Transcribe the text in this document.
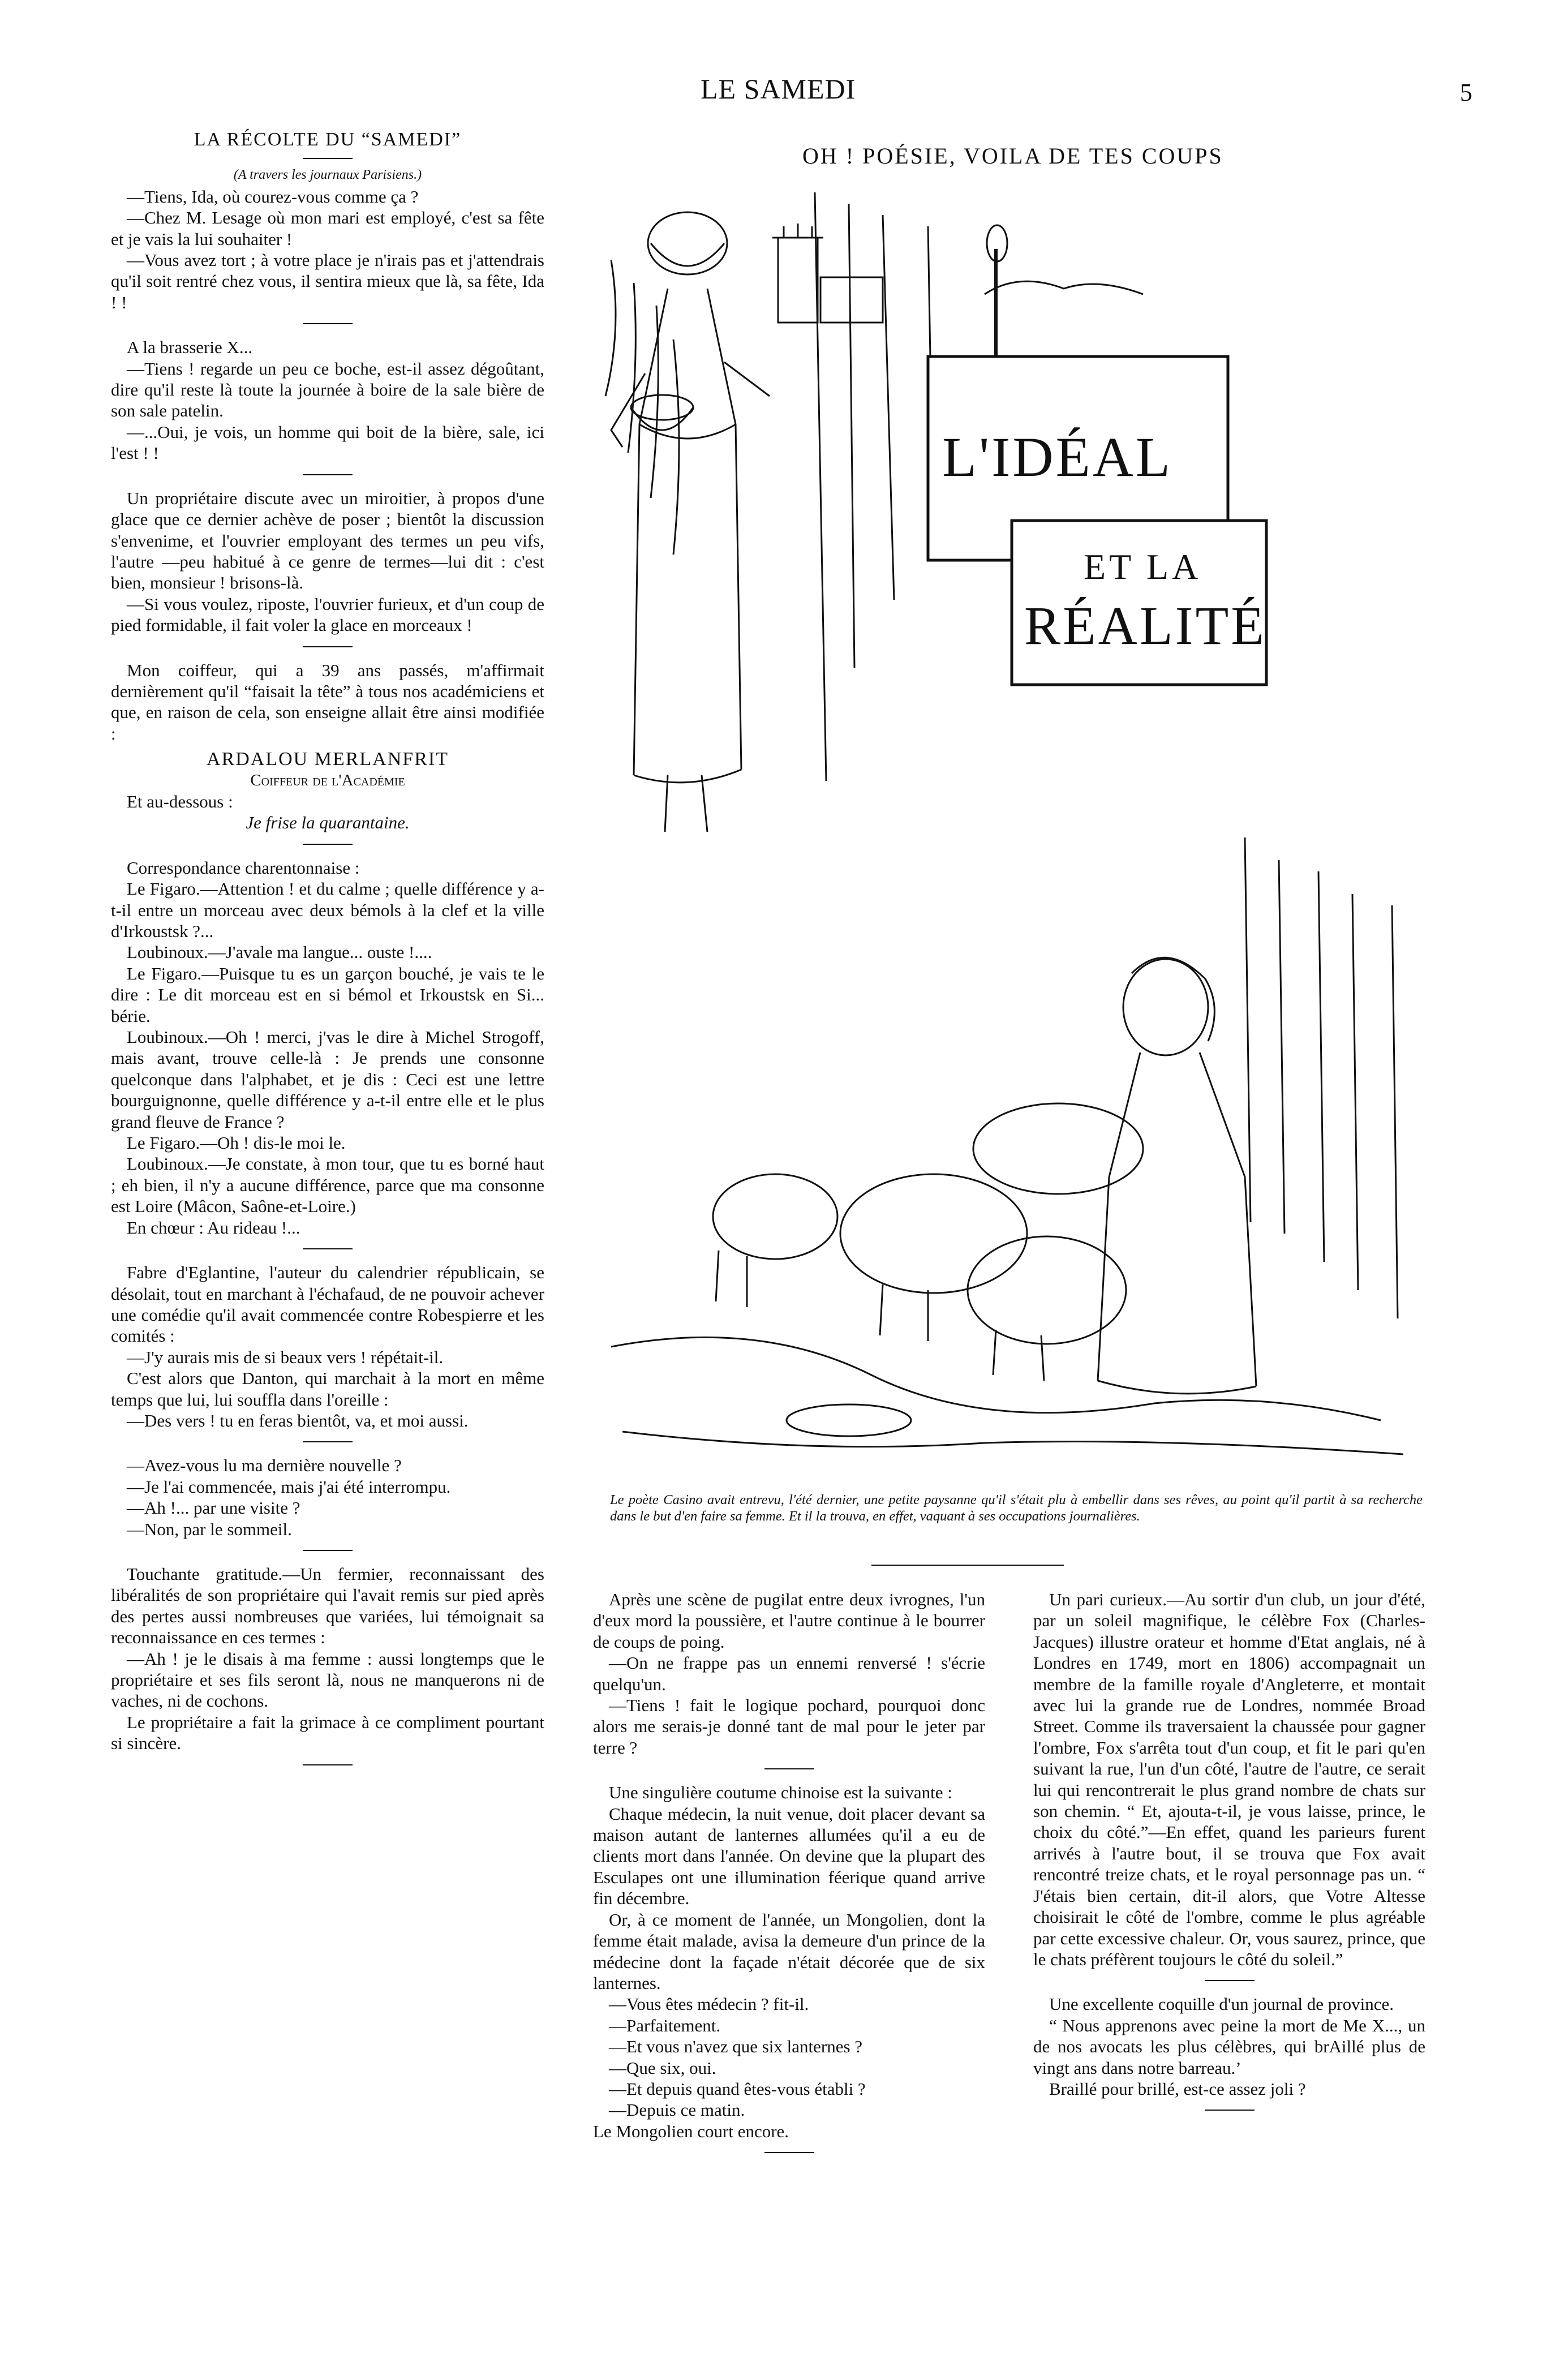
LE SAMEDI	5
LA RÉCOLTE DU “SAMEDI”
(A travers les journaux Parisiens.)

—Tiens, Ida, où courez-vous comme ça ?

—Chez M. Lesage où mon mari est employé, c'est sa fête et je vais la lui souhaiter !

—Vous avez tort ; à votre place je n'irais pas et j'attendrais qu'il soit rentré chez vous, il sentira mieux que là, sa fête, Ida ! !

A la brasserie X...

—Tiens ! regarde un peu ce boche, est-il assez dégoûtant, dire qu'il reste là toute la journée à boire de la sale bière de son sale patelin.

—...Oui, je vois, un homme qui boit de la bière, sale, ici l'est ! !

Un propriétaire discute avec un miroitier, à propos d'une glace que ce dernier achève de poser ; bientôt la discussion s'envenime, et l'ouvrier employant des termes un peu vifs, l'autre —peu habitué à ce genre de termes—lui dit : c'est bien, monsieur ! brisons-là.

—Si vous voulez, riposte, l'ouvrier furieux, et d'un coup de pied formidable, il fait voler la glace en morceaux !

Mon coiffeur, qui a 39 ans passés, m'affirmait dernièrement qu'il “faisait la tête” à tous nos académiciens et que, en raison de cela, son enseigne allait être ainsi modifiée :

ARDALOU MERLANFRIT
Coiffeur de l'Académie

Et au-dessous :

Je frise la quarantaine.

Correspondance charentonnaise :

Le Figaro.—Attention ! et du calme ; quelle différence y a-t-il entre un morceau avec deux bémols à la clef et la ville d'Irkoustsk ?...

Loubinoux.—J'avale ma langue... ouste !....

Le Figaro.—Puisque tu es un garçon bouché, je vais te le dire : Le dit morceau est en si bémol et Irkoustsk en Si... bérie.

Loubinoux.—Oh ! merci, j'vas le dire à Michel Strogoff, mais avant, trouve celle-là : Je prends une consonne quelconque dans l'alphabet, et je dis : Ceci est une lettre bourguignonne, quelle différence y a-t-il entre elle et le plus grand fleuve de France ?

Le Figaro.—Oh ! dis-le moi le.

Loubinoux.—Je constate, à mon tour, que tu es borné haut ; eh bien, il n'y a aucune différence, parce que ma consonne est Loire (Mâcon, Saône-et-Loire.)

En chœur : Au rideau !...

Fabre d'Eglantine, l'auteur du calendrier républicain, se désolait, tout en marchant à l'échafaud, de ne pouvoir achever une comédie qu'il avait commencée contre Robespierre et les comités :

—J'y aurais mis de si beaux vers ! répétait-il.

C'est alors que Danton, qui marchait à la mort en même temps que lui, lui souffla dans l'oreille :

—Des vers ! tu en feras bientôt, va, et moi aussi.

—Avez-vous lu ma dernière nouvelle ?

—Je l'ai commencée, mais j'ai été interrompu.

—Ah !... par une visite ?

—Non, par le sommeil.

Touchante gratitude.—Un fermier, reconnaissant des libéralités de son propriétaire qui l'avait remis sur pied après des pertes aussi nombreuses que variées, lui témoignait sa reconnaissance en ces termes :

—Ah ! je le disais à ma femme : aussi longtemps que le propriétaire et ses fils seront là, nous ne manquerons ni de vaches, ni de cochons.

Le propriétaire a fait la grimace à ce compliment pourtant si sincère.

OH ! POÉSIE, VOILA DE TES COUPS
L'IDÉAL
ET LA
RÉALITÉ
Le poète Casino avait entrevu, l'été dernier, une petite paysanne qu'il s'était plu à embellir dans ses rêves, au point qu'il partit à sa recherche dans le but d'en faire sa femme. Et il la trouva, en effet, vaquant à ses occupations journalières.

Après une scène de pugilat entre deux ivrognes, l'un d'eux mord la poussière, et l'autre continue à le bourrer de coups de poing.

—On ne frappe pas un ennemi renversé ! s'écrie quelqu'un.

—Tiens ! fait le logique pochard, pourquoi donc alors me serais-je donné tant de mal pour le jeter par terre ?

Une singulière coutume chinoise est la suivante :

Chaque médecin, la nuit venue, doit placer devant sa maison autant de lanternes allumées qu'il a eu de clients mort dans l'année. On devine que la plupart des Esculapes ont une illumination féerique quand arrive fin décembre.

Or, à ce moment de l'année, un Mongolien, dont la femme était malade, avisa la demeure d'un prince de la médecine dont la façade n'était décorée que de six lanternes.

—Vous êtes médecin ? fit-il.

—Parfaitement.

—Et vous n'avez que six lanternes ?

—Que six, oui.

—Et depuis quand êtes-vous établi ?

—Depuis ce matin.

Le Mongolien court encore.

Un pari curieux.—Au sortir d'un club, un jour d'été, par un soleil magnifique, le célèbre Fox (Charles-Jacques) illustre orateur et homme d'Etat anglais, né à Londres en 1749, mort en 1806) accompagnait un membre de la famille royale d'Angleterre, et montait avec lui la grande rue de Londres, nommée Broad Street. Comme ils traversaient la chaussée pour gagner l'ombre, Fox s'arrêta tout d'un coup, et fit le pari qu'en suivant la rue, l'un d'un côté, l'autre de l'autre, ce serait lui qui rencontrerait le plus grand nombre de chats sur son chemin. “ Et, ajouta-t-il, je vous laisse, prince, le choix du côté.”—En effet, quand les parieurs furent arrivés à l'autre bout, il se trouva que Fox avait rencontré treize chats, et le royal personnage pas un. “ J'étais bien certain, dit-il alors, que Votre Altesse choisirait le côté de l'ombre, comme le plus agréable par cette excessive chaleur. Or, vous saurez, prince, que le chats préfèrent toujours le côté du soleil.”

Une excellente coquille d'un journal de province.

“ Nous apprenons avec peine la mort de Me X..., un de nos avocats les plus célèbres, qui brAillé plus de vingt ans dans notre barreau.’

Braillé pour brillé, est-ce assez joli ?
